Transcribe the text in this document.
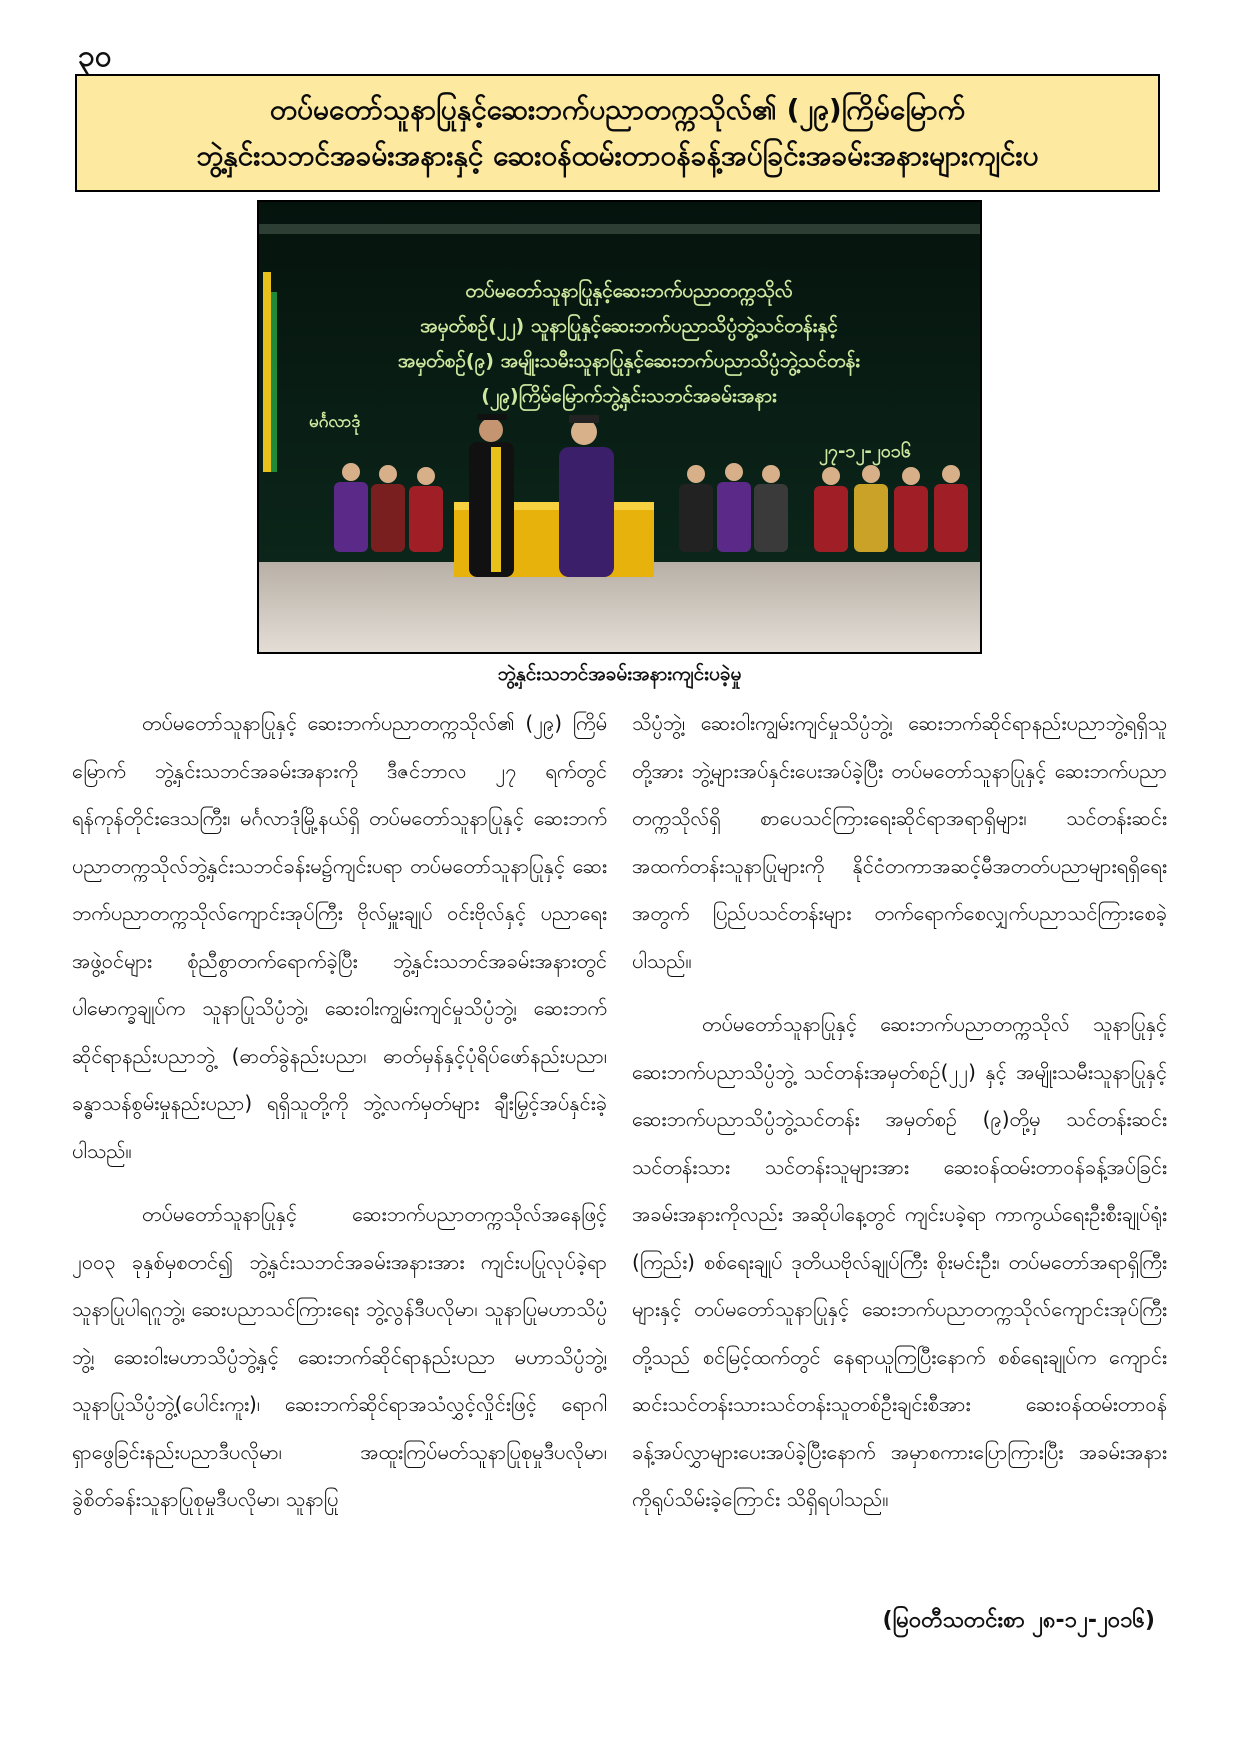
၃၀
တပ်မတော်သူနာပြုနှင့်ဆေးဘက်ပညာတက္ကသိုလ်၏ (၂၉)ကြိမ်မြောက်
ဘွဲ့နှင်းသဘင်အခမ်းအနားနှင့် ဆေးဝန်ထမ်းတာဝန်ခန့်အပ်ခြင်းအခမ်းအနားများကျင်းပ
တပ်မတော်သူနာပြုနှင့်ဆေးဘက်ပညာတက္ကသိုလ်
အမှတ်စဉ်(၂၂) သူနာပြုနှင့်ဆေးဘက်ပညာသိပ္ပံဘွဲ့သင်တန်းနှင့်
အမှတ်စဉ်(၉) အမျိုးသမီးသူနာပြုနှင့်ဆေးဘက်ပညာသိပ္ပံဘွဲ့သင်တန်း
(၂၉)ကြိမ်မြောက်ဘွဲ့နှင်းသဘင်အခမ်းအနား
မင်္ဂလာဒုံ
၂၇-၁၂-၂၀၁၆
ဘွဲ့နှင်းသဘင်အခမ်းအနားကျင်းပခဲ့မှု

တပ်မတော်သူနာပြုနှင့် ဆေးဘက်ပညာတက္ကသိုလ်၏ (၂၉) ကြိမ်မြောက် ဘွဲ့နှင်းသဘင်အခမ်းအနားကို ဒီဇင်ဘာလ ၂၇ ရက်တွင် ရန်ကုန်တိုင်းဒေသကြီး၊ မင်္ဂလာဒုံမြို့နယ်ရှိ တပ်မတော်သူနာပြုနှင့် ဆေးဘက်ပညာတက္ကသိုလ်ဘွဲ့နှင်းသဘင်ခန်းမ၌ကျင်းပရာ တပ်မတော်သူနာပြုနှင့် ဆေးဘက်ပညာတက္ကသိုလ်ကျောင်းအုပ်ကြီး ဗိုလ်မှူးချုပ် ဝင်းဗိုလ်နှင့် ပညာရေးအဖွဲ့ဝင်များ စုံညီစွာတက်ရောက်ခဲ့ပြီး ဘွဲ့နှင်းသဘင်အခမ်းအနားတွင် ပါမောက္ခချုပ်က သူနာပြုသိပ္ပံဘွဲ့၊ ဆေးဝါးကျွမ်းကျင်မှုသိပ္ပံဘွဲ့၊ ဆေးဘက်ဆိုင်ရာနည်းပညာဘွဲ့ (ဓာတ်ခွဲနည်းပညာ၊ ဓာတ်မှန်နှင့်ပုံရိပ်ဖော်နည်းပညာ၊ ခန္ဓာသန်စွမ်းမှုနည်းပညာ) ရရှိသူတို့ကို ဘွဲ့လက်မှတ်များ ချီးမြှင့်အပ်နှင်းခဲ့ပါသည်။

တပ်မတော်သူနာပြုနှင့် ဆေးဘက်ပညာတက္ကသိုလ်အနေဖြင့် ၂၀၀၃ ခုနှစ်မှစတင်၍ ဘွဲ့နှင်းသဘင်အခမ်းအနားအား ကျင်းပပြုလုပ်ခဲ့ရာ သူနာပြုပါရဂူဘွဲ့၊ ဆေးပညာသင်ကြားရေး ဘွဲ့လွန်ဒီပလိုမာ၊ သူနာပြုမဟာသိပ္ပံဘွဲ့၊ ဆေးဝါးမဟာသိပ္ပံဘွဲ့နှင့် ဆေးဘက်ဆိုင်ရာနည်းပညာ မဟာသိပ္ပံဘွဲ့၊ သူနာပြုသိပ္ပံဘွဲ့(ပေါင်းကူး)၊ ဆေးဘက်ဆိုင်ရာအသံလွှင့်လှိုင်းဖြင့် ရောဂါရှာဖွေခြင်းနည်းပညာဒီပလိုမာ၊ အထူးကြပ်မတ်သူနာပြုစုမှုဒီပလိုမာ၊ ခွဲစိတ်ခန်းသူနာပြုစုမှုဒီပလိုမာ၊ သူနာပြု

သိပ္ပံဘွဲ့၊ ဆေးဝါးကျွမ်းကျင်မှုသိပ္ပံဘွဲ့၊ ဆေးဘက်ဆိုင်ရာနည်းပညာဘွဲ့ရရှိသူတို့အား ဘွဲ့များအပ်နှင်းပေးအပ်ခဲ့ပြီး တပ်မတော်သူနာပြုနှင့် ဆေးဘက်ပညာတက္ကသိုလ်ရှိ စာပေသင်ကြားရေးဆိုင်ရာအရာရှိများ၊ သင်တန်းဆင်းအထက်တန်းသူနာပြုများကို နိုင်ငံတကာအဆင့်မီအတတ်ပညာများရရှိရေးအတွက် ပြည်ပသင်တန်းများ တက်ရောက်စေလျှက်ပညာသင်ကြားစေခဲ့ပါသည်။

တပ်မတော်သူနာပြုနှင့် ဆေးဘက်ပညာတက္ကသိုလ် သူနာပြုနှင့်ဆေးဘက်ပညာသိပ္ပံဘွဲ့ သင်တန်းအမှတ်စဉ်(၂၂) နှင့် အမျိုးသမီးသူနာပြုနှင့်ဆေးဘက်ပညာသိပ္ပံဘွဲ့သင်တန်း အမှတ်စဉ် (၉)တို့မှ သင်တန်းဆင်းသင်တန်းသား သင်တန်းသူများအား ဆေးဝန်ထမ်းတာဝန်ခန့်အပ်ခြင်း အခမ်းအနားကိုလည်း အဆိုပါနေ့တွင် ကျင်းပခဲ့ရာ ကာကွယ်ရေးဦးစီးချုပ်ရုံး (ကြည်း) စစ်ရေးချုပ် ဒုတိယဗိုလ်ချုပ်ကြီး စိုးမင်းဦး၊ တပ်မတော်အရာရှိကြီးများနှင့် တပ်မတော်သူနာပြုနှင့် ဆေးဘက်ပညာတက္ကသိုလ်ကျောင်းအုပ်ကြီးတို့သည် စင်မြင့်ထက်တွင် နေရာယူကြပြီးနောက် စစ်ရေးချုပ်က ကျောင်းဆင်းသင်တန်းသားသင်တန်းသူတစ်ဦးချင်းစီအား ဆေးဝန်ထမ်းတာဝန်ခန့်အပ်လွှာများပေးအပ်ခဲ့ပြီးနောက် အမှာစကားပြောကြားပြီး အခမ်းအနားကိုရုပ်သိမ်းခဲ့ကြောင်း သိရှိရပါသည်။

(မြဝတီသတင်းစာ ၂၈-၁၂-၂၀၁၆)
